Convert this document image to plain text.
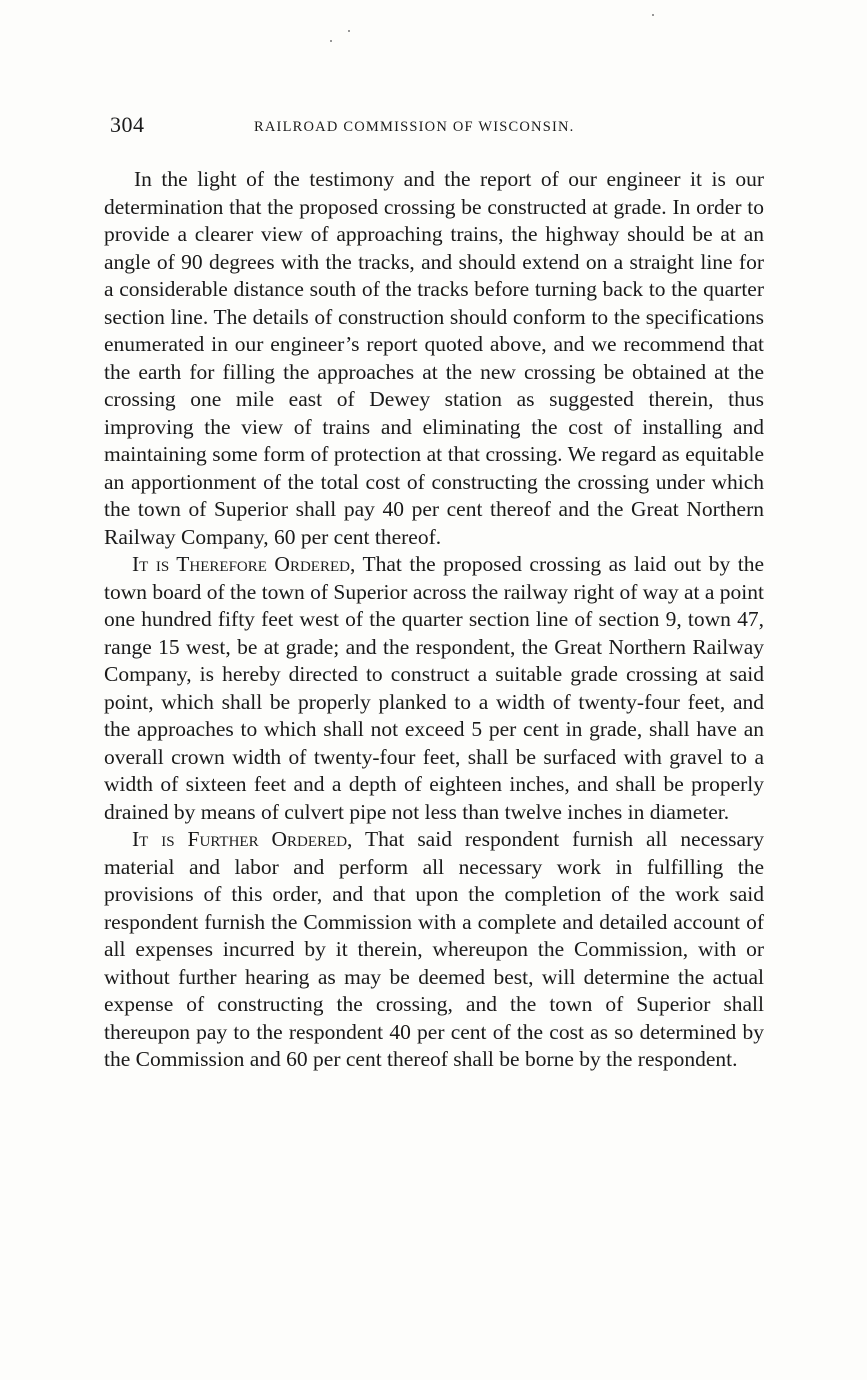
304	RAILROAD COMMISSION OF WISCONSIN.

In the light of the testimony and the report of our engineer it is our determination that the proposed crossing be constructed at grade. In order to provide a clearer view of approaching trains, the highway should be at an angle of 90 degrees with the tracks, and should extend on a straight line for a considerable distance south of the tracks before turning back to the quarter section line. The details of construction should conform to the specifications enumerated in our engineer’s report quoted above, and we recommend that the earth for filling the approaches at the new crossing be obtained at the crossing one mile east of Dewey station as suggested therein, thus improving the view of trains and eliminating the cost of installing and maintaining some form of protection at that crossing. We regard as equitable an apportionment of the total cost of constructing the crossing under which the town of Superior shall pay 40 per cent thereof and the Great Northern Railway Company, 60 per cent thereof.

It is Therefore Ordered, That the proposed crossing as laid out by the town board of the town of Superior across the railway right of way at a point one hundred fifty feet west of the quarter section line of section 9, town 47, range 15 west, be at grade; and the respondent, the Great Northern Railway Company, is hereby directed to construct a suitable grade crossing at said point, which shall be properly planked to a width of twenty-four feet, and the approaches to which shall not exceed 5 per cent in grade, shall have an overall crown width of twenty-four feet, shall be surfaced with gravel to a width of sixteen feet and a depth of eighteen inches, and shall be properly drained by means of culvert pipe not less than twelve inches in diameter.

It is Further Ordered, That said respondent furnish all necessary material and labor and perform all necessary work in fulfilling the provisions of this order, and that upon the completion of the work said respondent furnish the Commission with a complete and detailed account of all expenses incurred by it therein, whereupon the Commission, with or without further hearing as may be deemed best, will determine the actual expense of constructing the crossing, and the town of Superior shall thereupon pay to the respondent 40 per cent of the cost as so determined by the Commission and 60 per cent thereof shall be borne by the respondent.
